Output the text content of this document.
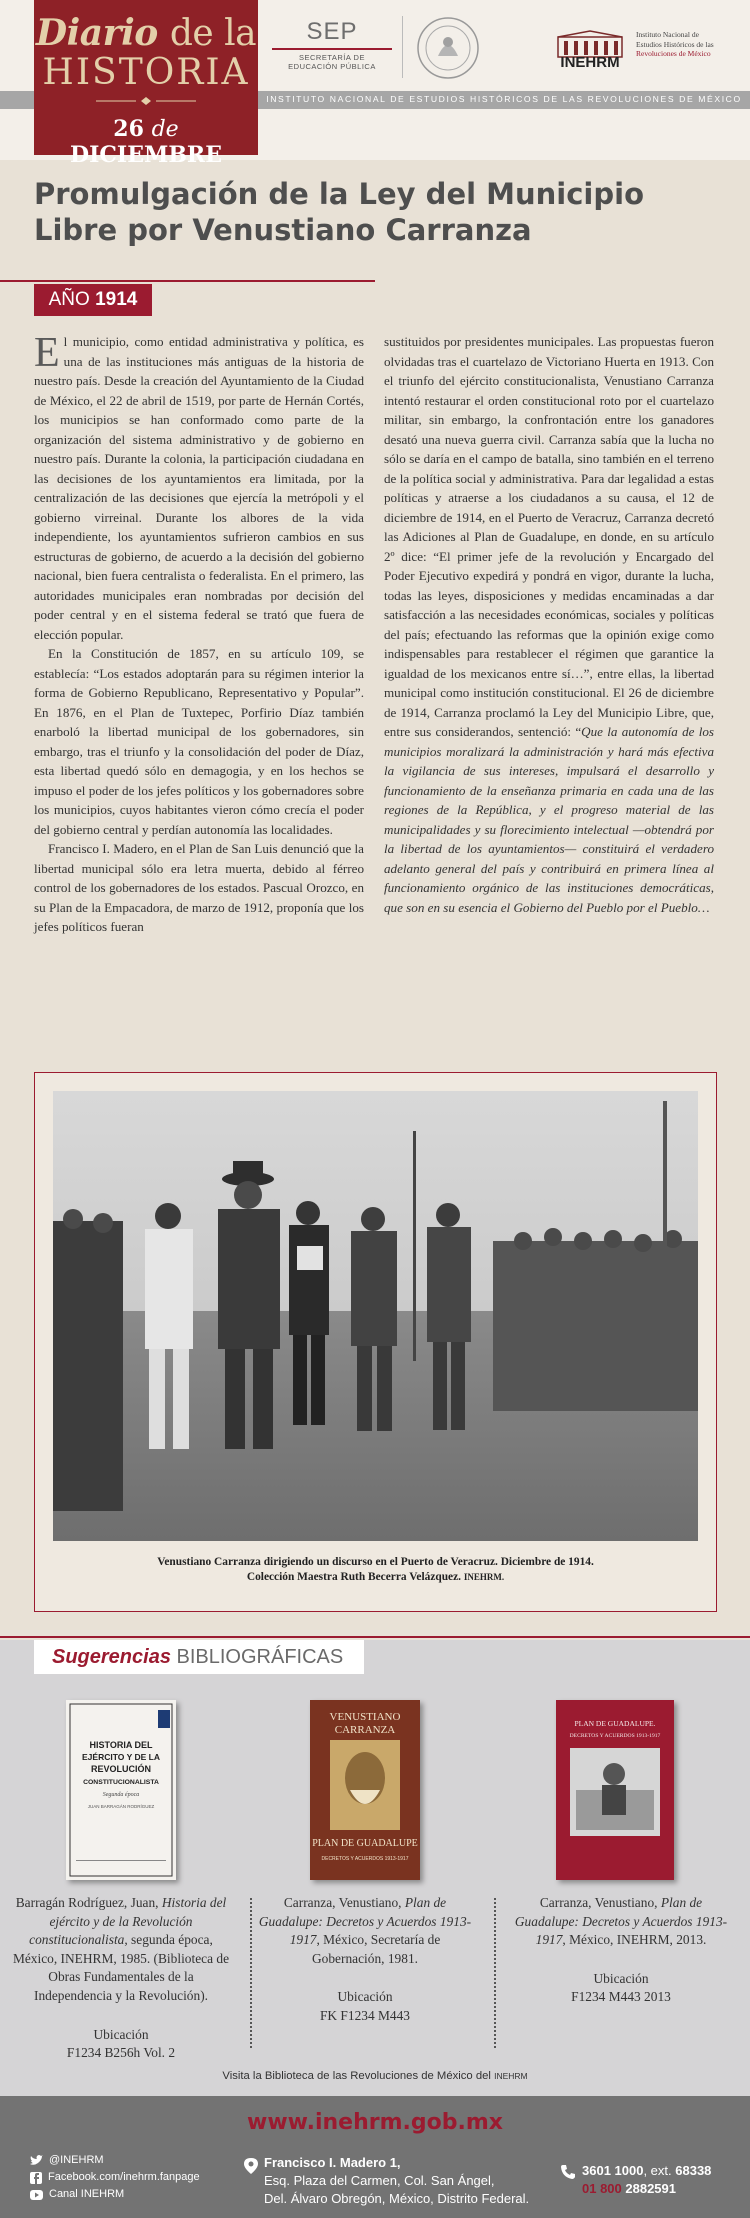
Diario de la
HISTORIA
26 de DICIEMBRE
SEP
SECRETARÍA DE
EDUCACIÓN PÚBLICA	INEHRM
Instituto Nacional de
Estudios Históricos de las
Revoluciones de México
INSTITUTO NACIONAL DE ESTUDIOS HISTÓRICOS DE LAS REVOLUCIONES DE MÉXICO
Promulgación de la Ley del Municipio Libre por Venustiano Carranza
AÑO 1914

El municipio, como entidad administrativa y política, es una de las instituciones más antiguas de la historia de nuestro país. Desde la creación del Ayuntamiento de la Ciudad de México, el 22 de abril de 1519, por parte de Hernán Cortés, los municipios se han conformado como parte de la organización del sistema administrativo y de gobierno en nuestro país. Durante la colonia, la participación ciudadana en las decisiones de los ayuntamientos era limitada, por la centralización de las decisiones que ejercía la metrópoli y el gobierno virreinal. Durante los albores de la vida independiente, los ayuntamientos sufrieron cambios en sus estructuras de gobierno, de acuerdo a la decisión del gobierno nacional, bien fuera centralista o federalista. En el primero, las autoridades municipales eran nombradas por decisión del poder central y en el sistema federal se trató que fuera de elección popular.

En la Constitución de 1857, en su artículo 109, se establecía: “Los estados adoptarán para su régimen interior la forma de Gobierno Republicano, Representativo y Popular”. En 1876, en el Plan de Tuxtepec, Porfirio Díaz también enarboló la libertad municipal de los gobernadores, sin embargo, tras el triunfo y la consolidación del poder de Díaz, esta libertad quedó sólo en demagogia, y en los hechos se impuso el poder de los jefes políticos y los gobernadores sobre los municipios, cuyos habitantes vieron cómo crecía el poder del gobierno central y perdían autonomía las localidades.

Francisco I. Madero, en el Plan de San Luis denunció que la libertad municipal sólo era letra muerta, debido al férreo control de los gobernadores de los estados. Pascual Orozco, en su Plan de la Empacadora, de marzo de 1912, proponía que los jefes políticos fueran

sustituidos por presidentes municipales. Las propuestas fueron olvidadas tras el cuartelazo de Victoriano Huerta en 1913. Con el triunfo del ejército constitucionalista, Venustiano Carranza intentó restaurar el orden constitucional roto por el cuartelazo militar, sin embargo, la confrontación entre los ganadores desató una nueva guerra civil. Carranza sabía que la lucha no sólo se daría en el campo de batalla, sino también en el terreno de la política social y administrativa. Para dar legalidad a estas políticas y atraerse a los ciudadanos a su causa, el 12 de diciembre de 1914, en el Puerto de Veracruz, Carranza decretó las Adiciones al Plan de Guadalupe, en donde, en su artículo 2º dice: “El primer jefe de la revolución y Encargado del Poder Ejecutivo expedirá y pondrá en vigor, durante la lucha, todas las leyes, disposiciones y medidas encaminadas a dar satisfacción a las necesidades económicas, sociales y políticas del país; efectuando las reformas que la opinión exige como indispensables para restablecer el régimen que garantice la igualdad de los mexicanos entre sí…”, entre ellas, la libertad municipal como institución constitucional. El 26 de diciembre de 1914, Carranza proclamó la Ley del Municipio Libre, que, entre sus considerandos, sentenció: “Que la autonomía de los municipios moralizará la administración y hará más efectiva la vigilancia de sus intereses, impulsará el desarrollo y funcionamiento de la enseñanza primaria en cada una de las regiones de la República, y el progreso material de las municipalidades y su florecimiento intelectual —obtendrá por la libertad de los ayuntamientos— constituirá el verdadero adelanto general del país y contribuirá en primera línea al funcionamiento orgánico de las instituciones democráticas, que son en su esencia el Gobierno del Pueblo por el Pueblo…

Venustiano Carranza dirigiendo un discurso en el Puerto de Veracruz. Diciembre de 1914.
Colección Maestra Ruth Becerra Velázquez. INEHRM.
Sugerencias BIBLIOGRÁFICAS
HISTORIA DEL
EJÉRCITO Y DE LA
REVOLUCIÓN
CONSTITUCIONALISTA
Segunda época
JUAN BARRAGÁN RODRÍGUEZ
Barragán Rodríguez, Juan, Historia del ejército y de la Revolución constitucionalista, segunda época, México, INEHRM, 1985. (Biblioteca de Obras Fundamentales de la Independencia y la Revolución).
Ubicación
F1234 B256h Vol. 2
VENUSTIANO
CARRANZA
PLAN DE GUADALUPE
DECRETOS Y ACUERDOS 1913-1917
Carranza, Venustiano, Plan de Guadalupe: Decretos y Acuerdos 1913-1917, México, Secretaría de Gobernación, 1981.
Ubicación
FK F1234 M443
PLAN DE GUADALUPE.
DECRETOS Y ACUERDOS 1913-1917
Carranza, Venustiano, Plan de Guadalupe: Decretos y Acuerdos 1913-1917, México, INEHRM, 2013.
Ubicación
F1234 M443 2013
Visita la Biblioteca de las Revoluciones de México del INEHRM
www.inehrm.gob.mx
@INEHRM
Facebook.com/inehrm.fanpage
Canal INEHRM
Francisco I. Madero 1,
Esq. Plaza del Carmen, Col. San Ángel,
Del. Álvaro Obregón, México, Distrito Federal.
3601 1000, ext. 68338
01 800 2882591
